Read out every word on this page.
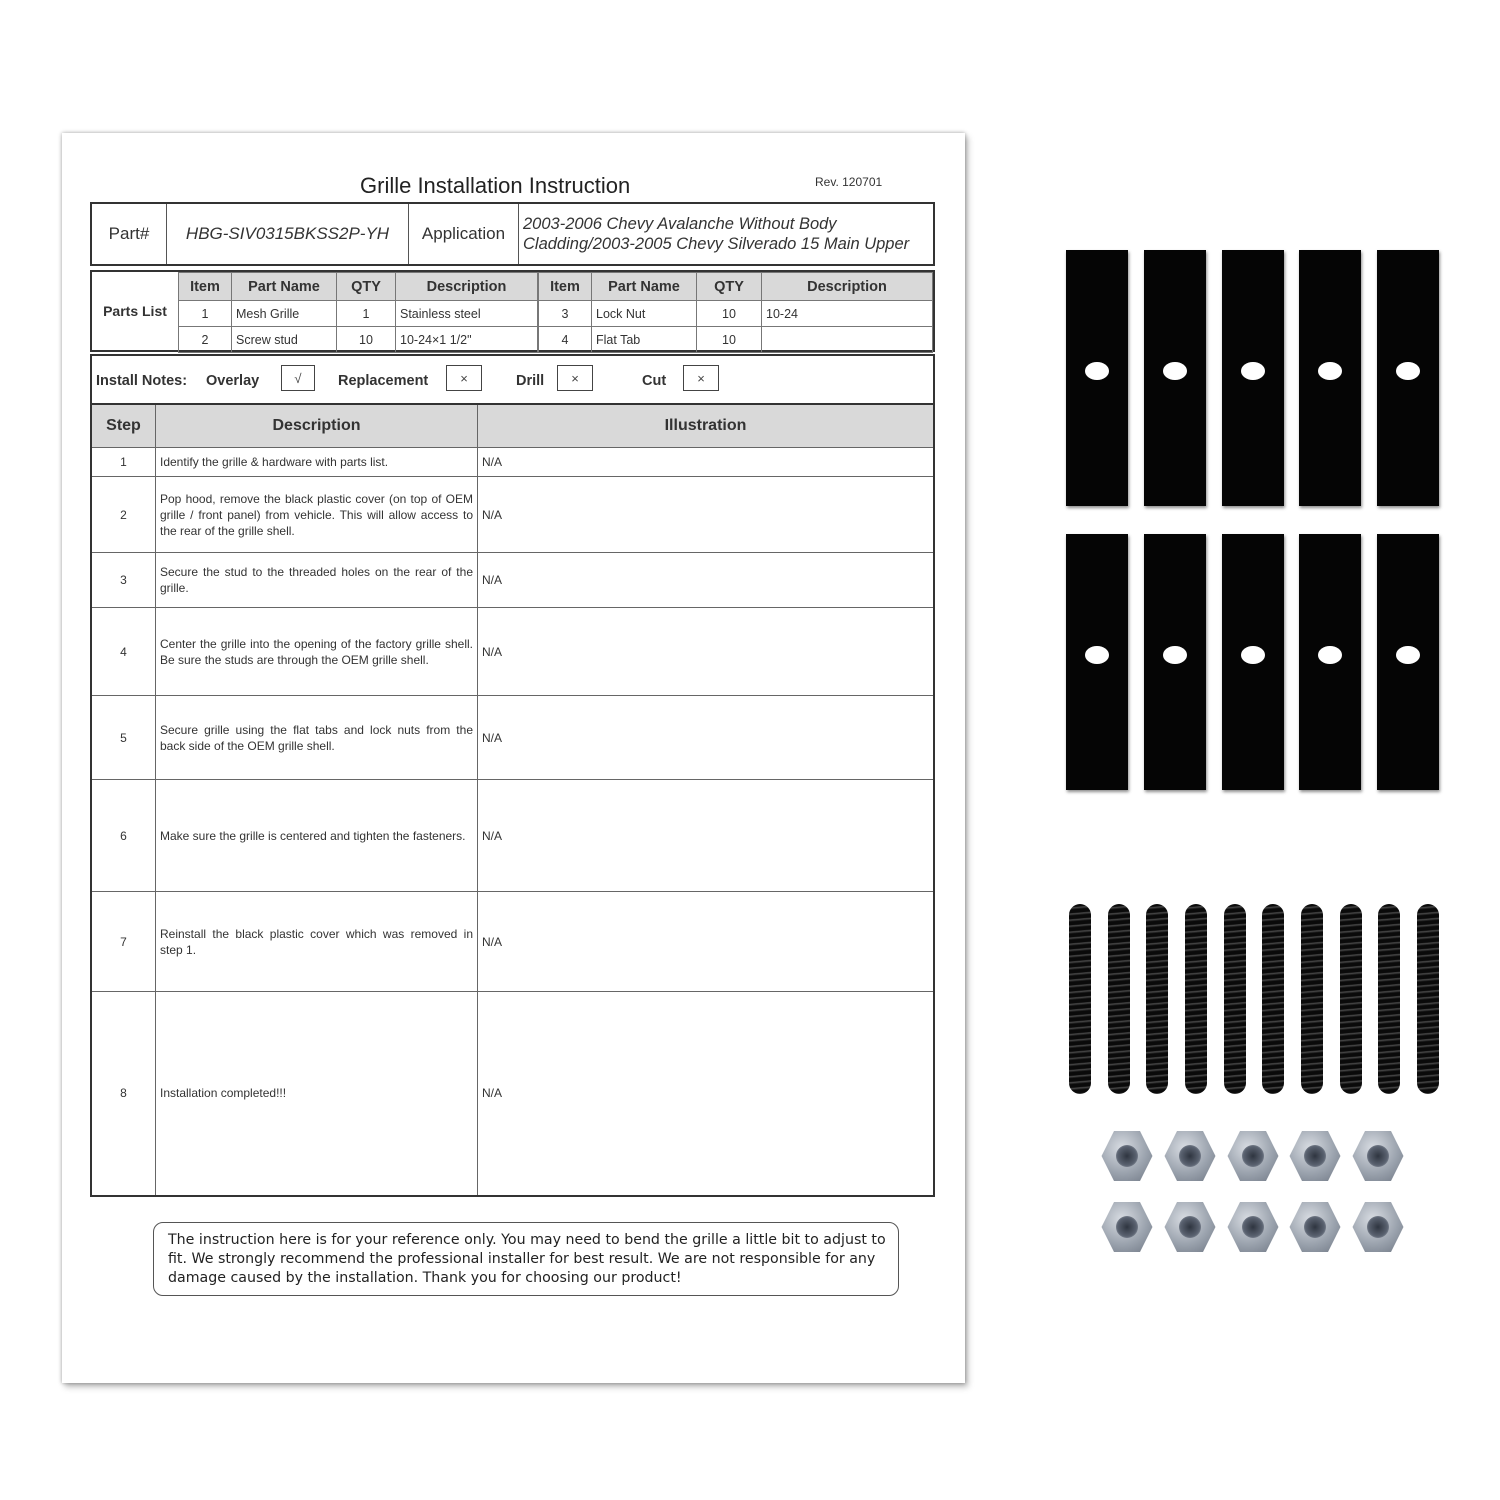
Grille Installation Instruction	Rev. 120701
Part#	HBG-SIV0315BKSS2P-YH	Application	2003-2006 Chevy Avalanche Without Body Cladding/2003-2005 Chevy Silverado 15 Main Upper
Parts List
Item	Part Name	QTY	Description
1	Mesh Grille	1	Stainless steel
2	Screw stud	10	10-24×1 1/2"
Item	Part Name	QTY	Description
3	Lock Nut	10	10-24
4	Flat Tab	10	
Install Notes: Overlay	√	Replacement	×	Drill	×	Cut	×
Step	Description	Illustration
1	Identify the grille & hardware with parts list.	N/A
2	Pop hood, remove the black plastic cover (on top of OEM grille / front panel) from vehicle. This will allow access to the rear of the grille shell.	N/A
3	Secure the stud to the threaded holes on the rear of the grille.	N/A
4	Center the grille into the opening of the factory grille shell. Be sure the studs are through the OEM grille shell.	N/A
5	Secure grille using the flat tabs and lock nuts from the back side of the OEM grille shell.	N/A
6	Make sure the grille is centered and tighten the fasteners.	N/A
7	Reinstall the black plastic cover which was removed in step 1.	N/A
8	Installation completed!!!	N/A
The instruction here is for your reference only. You may need to bend the grille a little bit to adjust to fit. We strongly recommend the professional installer for best result. We are not responsible for any damage caused by the installation. Thank you for choosing our product!
